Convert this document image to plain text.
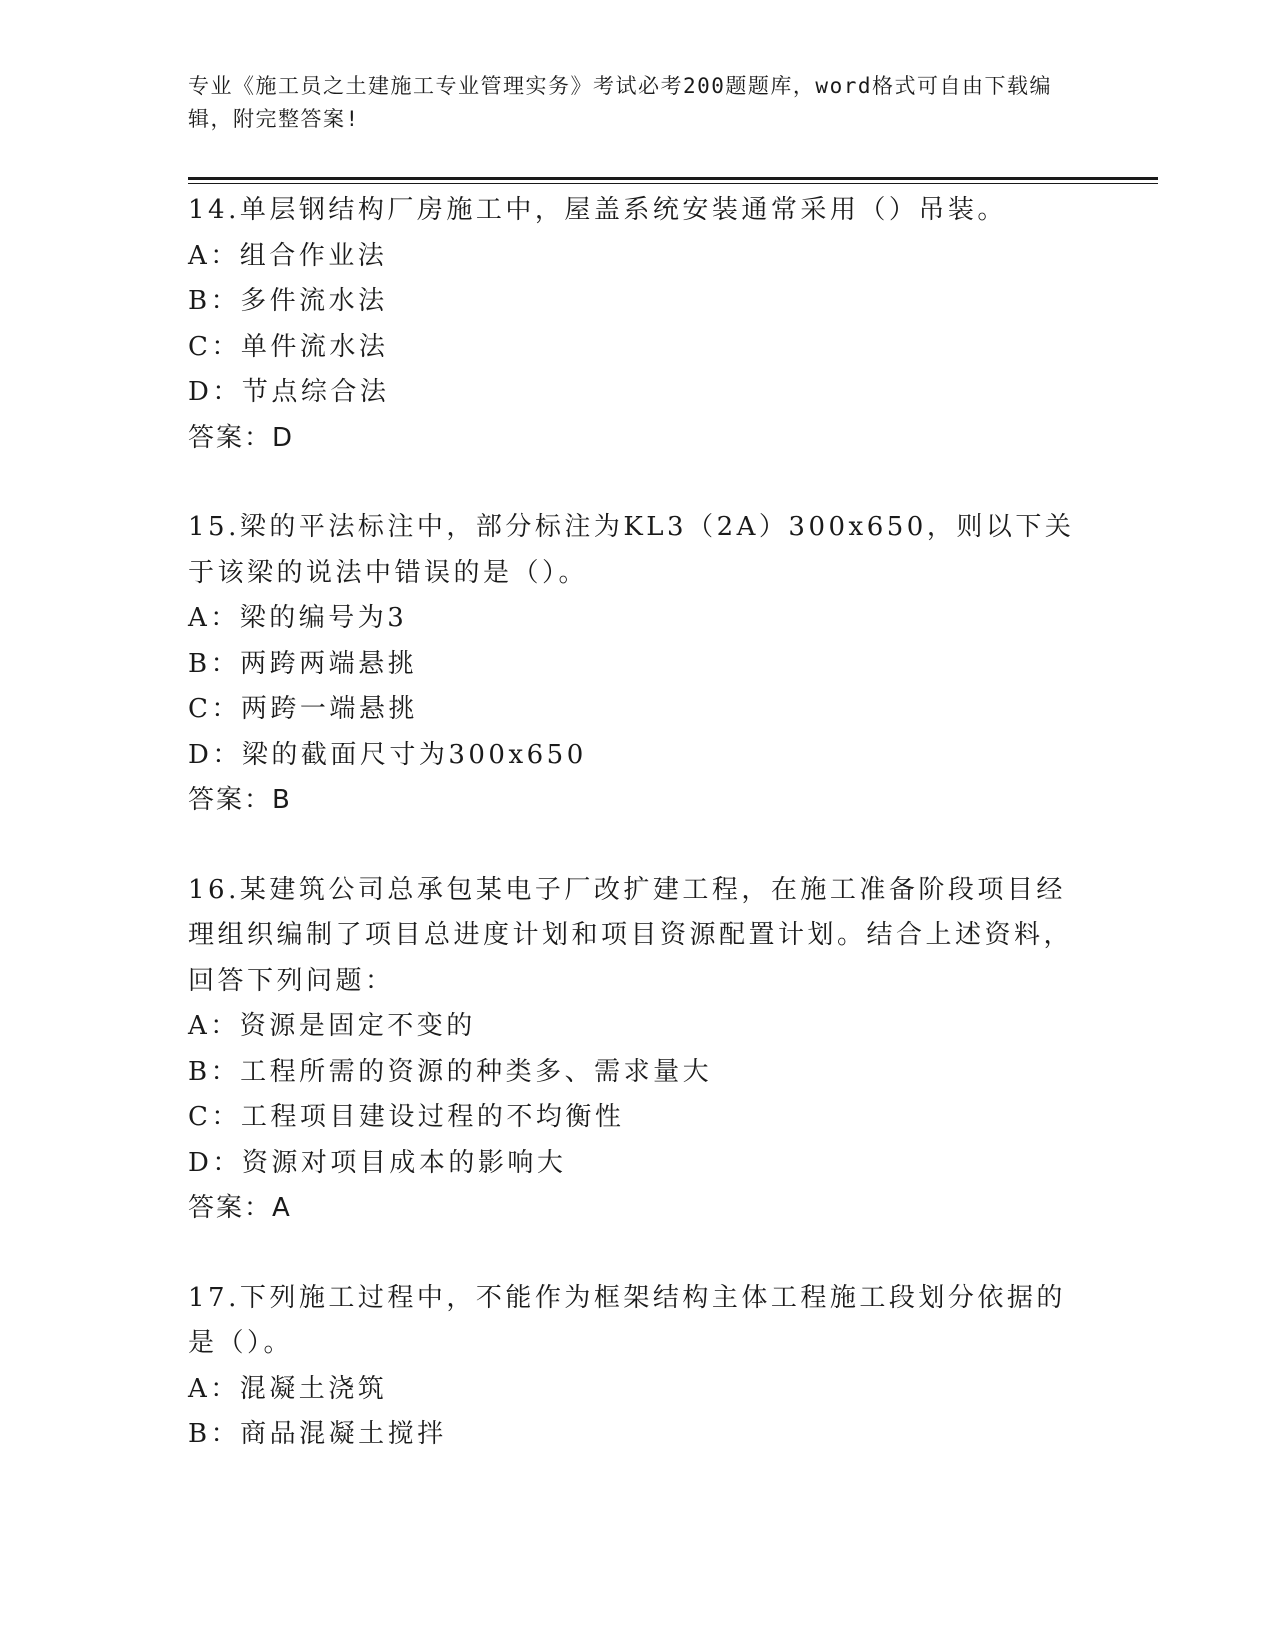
专业《施工员之土建施工专业管理实务》考试必考200题题库，word格式可自由下载编辑，附完整答案!
14.单层钢结构厂房施工中，屋盖系统安装通常采用（）吊装。
A：组合作业法
B：多件流水法
C：单件流水法
D：节点综合法
答案：D
15.梁的平法标注中，部分标注为KL3（2A）300x650，则以下关于该梁的说法中错误的是（）。
A：梁的编号为3
B：两跨两端悬挑
C：两跨一端悬挑
D：梁的截面尺寸为300x650
答案：B
16.某建筑公司总承包某电子厂改扩建工程，在施工准备阶段项目经理组织编制了项目总进度计划和项目资源配置计划。结合上述资料，回答下列问题：
A：资源是固定不变的
B：工程所需的资源的种类多、需求量大
C：工程项目建设过程的不均衡性
D：资源对项目成本的影响大
答案：A
17.下列施工过程中，不能作为框架结构主体工程施工段划分依据的是（）。
A：混凝土浇筑
B：商品混凝土搅拌
